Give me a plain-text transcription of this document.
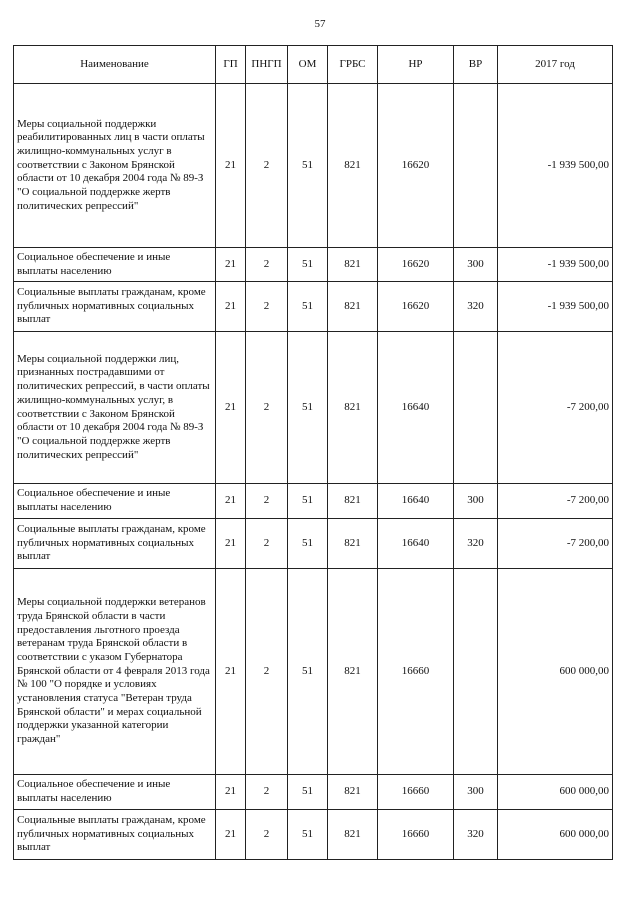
57
Наименование	ГП	ПНГП	ОМ	ГРБС	НР	ВР	2017 год
Меры социальной поддержки реабилитированных лиц в части оплаты жилищно-коммунальных услуг в соответствии с Законом Брянской области от 10 декабря 2004 года № 89-З "О социальной поддержке жертв политических репрессий"	21	2	51	821	16620		-1 939 500,00
Социальное обеспечение и иные выплаты населению	21	2	51	821	16620	300	-1 939 500,00
Социальные выплаты гражданам, кроме публичных нормативных социальных выплат	21	2	51	821	16620	320	-1 939 500,00
Меры социальной поддержки лиц, признанных пострадавшими от политических репрессий, в части оплаты жилищно-коммунальных услуг, в соответствии с Законом Брянской области от 10 декабря 2004 года № 89-З "О социальной поддержке жертв политических репрессий"	21	2	51	821	16640		-7 200,00
Социальное обеспечение и иные выплаты населению	21	2	51	821	16640	300	-7 200,00
Социальные выплаты гражданам, кроме публичных нормативных социальных выплат	21	2	51	821	16640	320	-7 200,00
Меры социальной поддержки ветеранов труда Брянской области в части предоставления льготного проезда ветеранам труда Брянской области в соответствии с указом Губернатора Брянской области от 4 февраля 2013 года № 100 "О порядке и условиях установления статуса "Ветеран труда Брянской области" и мерах социальной поддержки указанной категории граждан"	21	2	51	821	16660		600 000,00
Социальное обеспечение и иные выплаты населению	21	2	51	821	16660	300	600 000,00
Социальные выплаты гражданам, кроме публичных нормативных социальных выплат	21	2	51	821	16660	320	600 000,00
